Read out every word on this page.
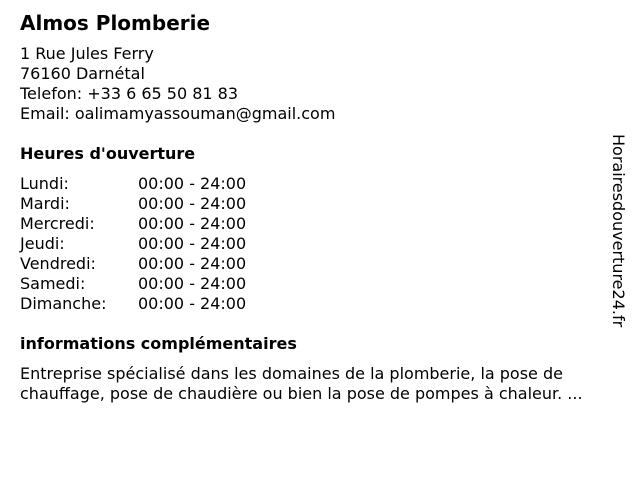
Almos Plomberie
1 Rue Jules Ferry
76160 Darnétal
Telefon: +33 6 65 50 81 83
Email: oalimamyassouman@gmail.com
Heures d'ouverture
Lundi:	00:00 - 24:00
Mardi:	00:00 - 24:00
Mercredi:	00:00 - 24:00
Jeudi:	00:00 - 24:00
Vendredi:	00:00 - 24:00
Samedi:	00:00 - 24:00
Dimanche:	00:00 - 24:00
informations complémentaires

Entreprise spécialisé dans les domaines de la plomberie, la pose de chauffage, pose de chaudière ou bien la pose de pompes à chaleur. ...

Horairesdouverture24.fr
